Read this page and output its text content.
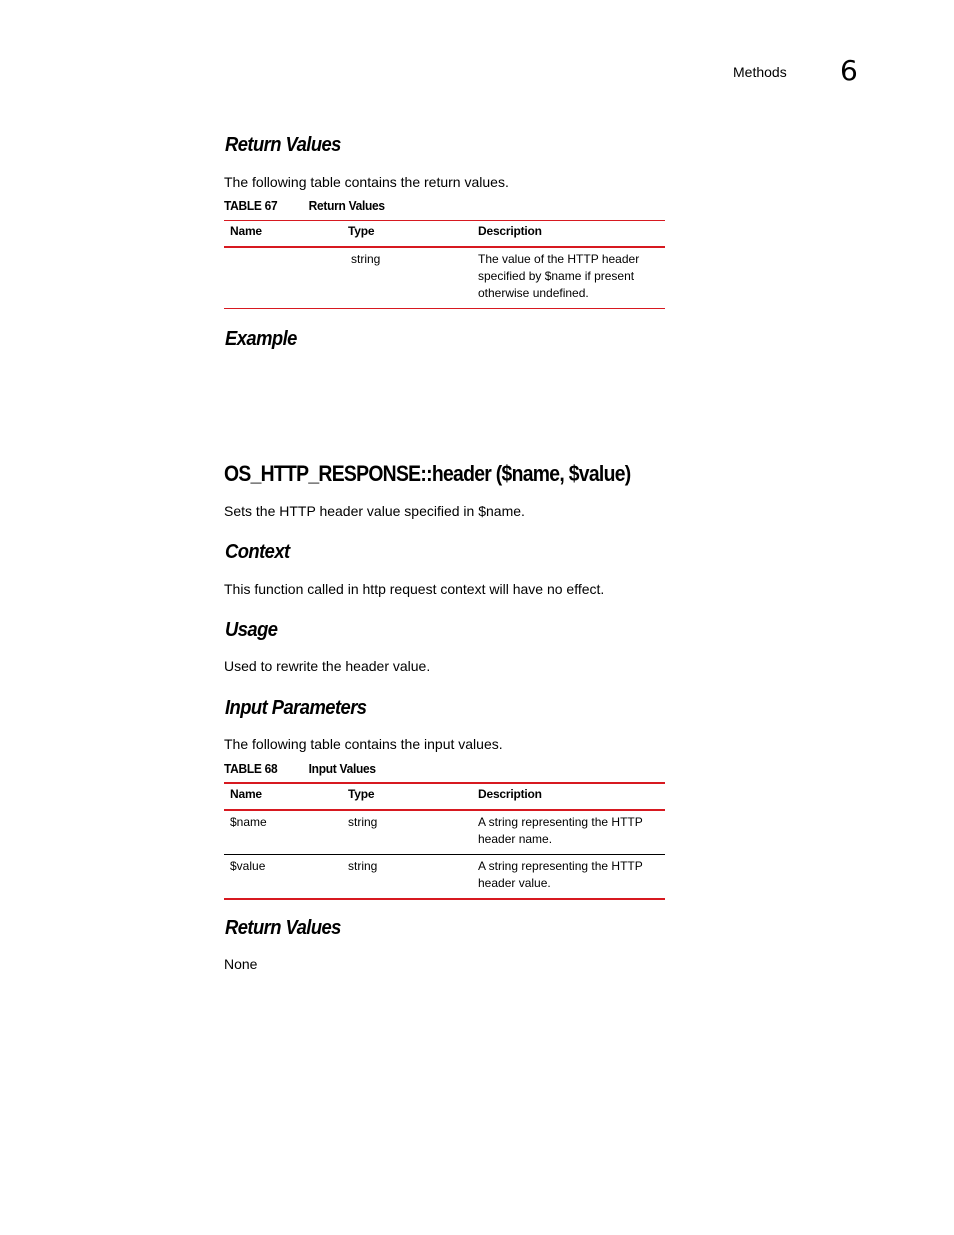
Methods 6
Return Values
The following table contains the return values.
TABLE 67 Return Values
Name	Type	Description
	string	The value of the HTTP header specified by $name if present otherwise undefined.
Example
OS_HTTP_RESPONSE::header ($name, $value)
Sets the HTTP header value specified in $name.
Context
This function called in http request context will have no effect.
Usage
Used to rewrite the header value.
Input Parameters
The following table contains the input values.
TABLE 68 Input Values
Name	Type	Description
$name	string	A string representing the HTTP header name.
$value	string	A string representing the HTTP header value.
Return Values
None
